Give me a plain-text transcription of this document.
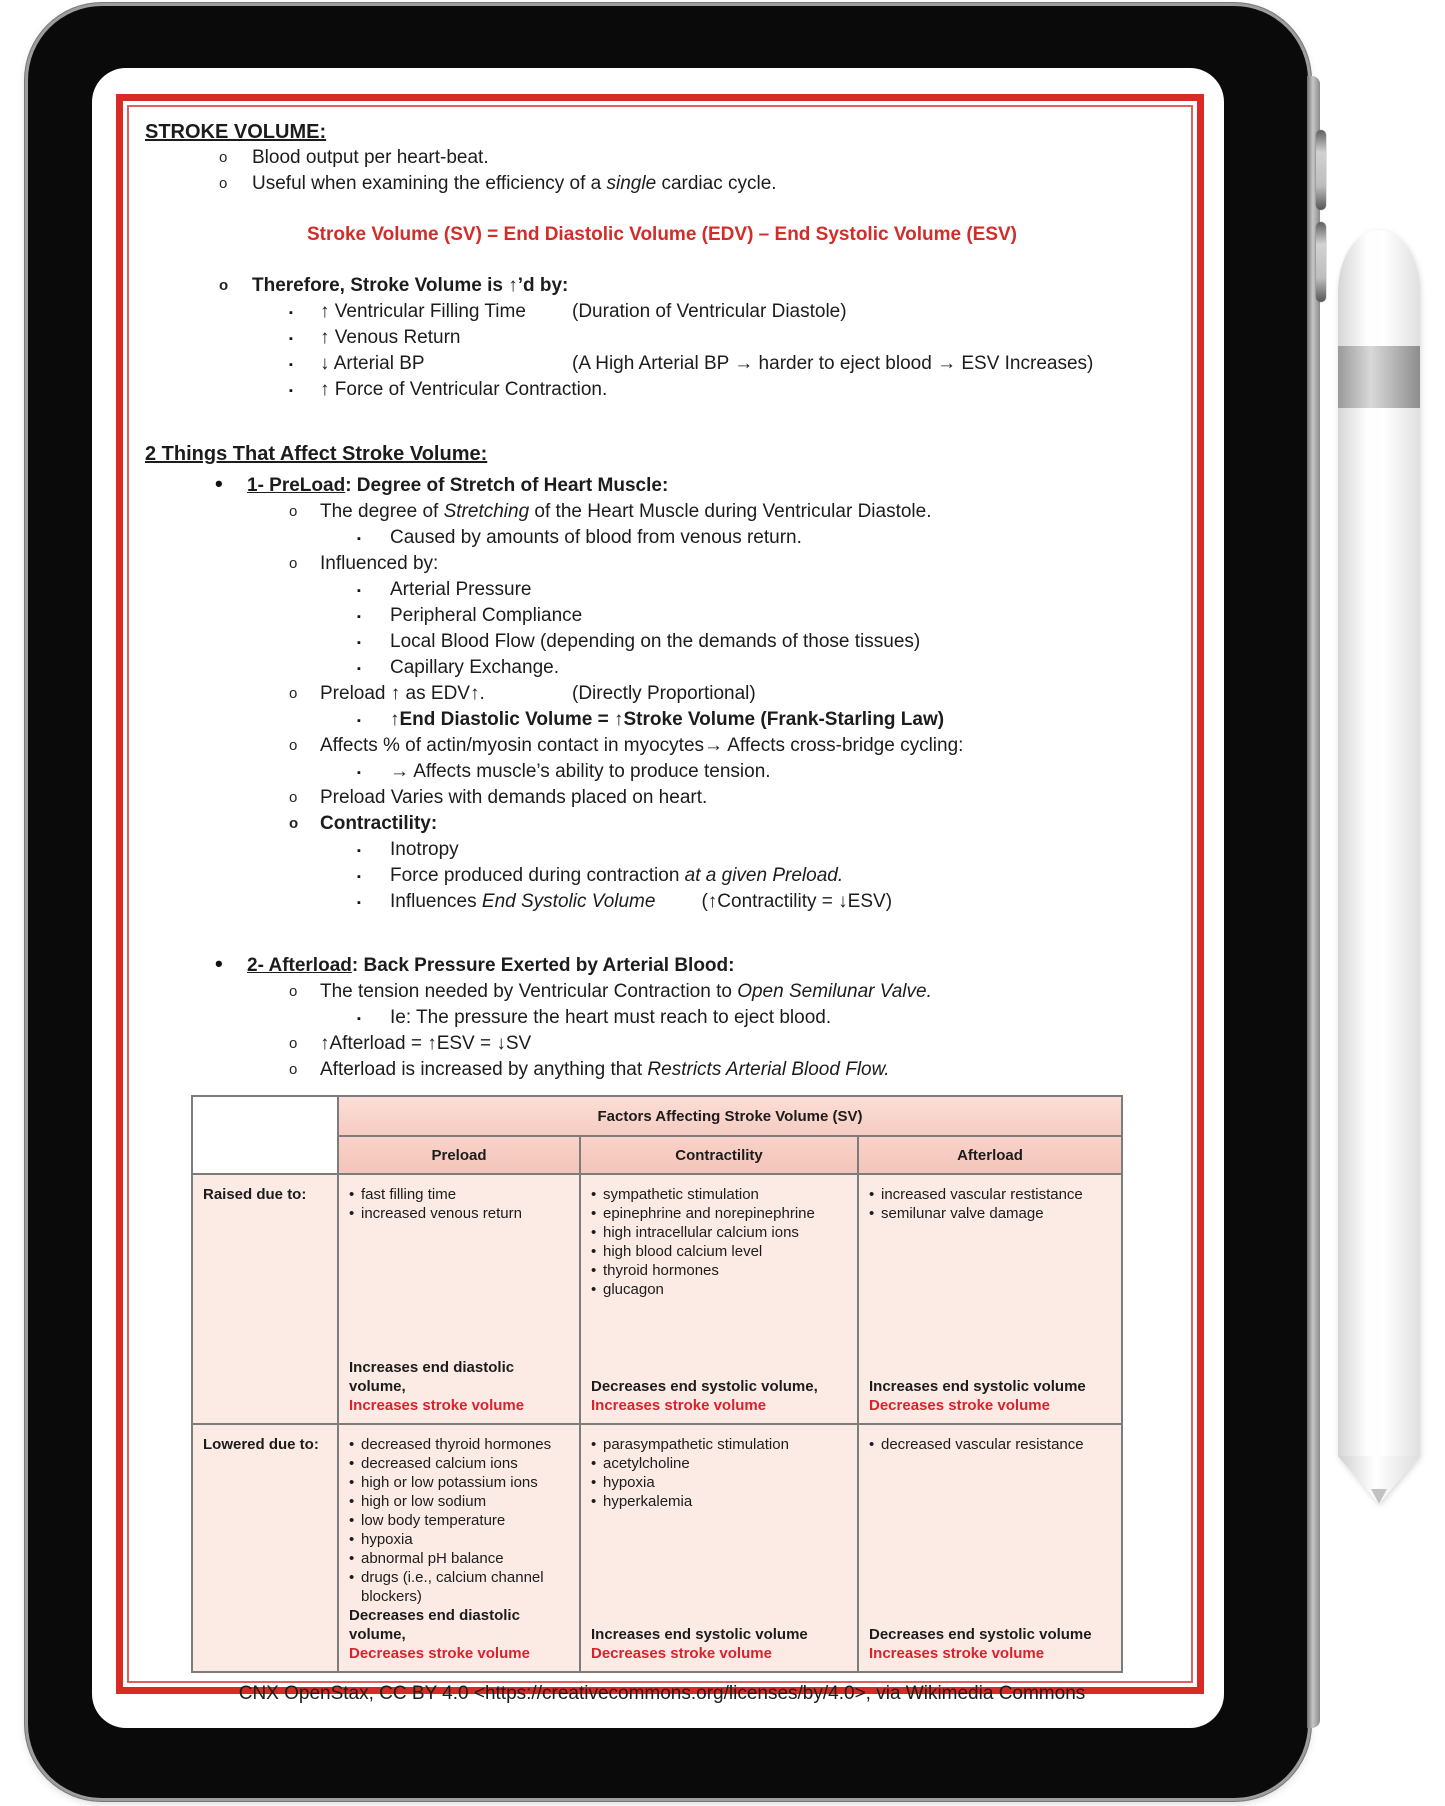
STROKE VOLUME:
o Blood output per heart-beat.
o Useful when examining the efficiency of a single cardiac cycle.
Stroke Volume (SV) = End Diastolic Volume (EDV) – End Systolic Volume (ESV)
o Therefore, Stroke Volume is ↑’d by:
▪ ↑ Ventricular Filling Time (Duration of Ventricular Diastole)
▪ ↑ Venous Return
▪ ↓ Arterial BP	(A High Arterial BP → harder to eject blood → ESV Increases)
▪ ↑ Force of Ventricular Contraction.
2 Things That Affect Stroke Volume:
• 1- PreLoad: Degree of Stretch of Heart Muscle:
o The degree of Stretching of the Heart Muscle during Ventricular Diastole.
▪ Caused by amounts of blood from venous return.
o Influenced by:
▪ Arterial Pressure
▪ Peripheral Compliance
▪ Local Blood Flow (depending on the demands of those tissues)
▪ Capillary Exchange.
o Preload ↑ as EDV↑.	(Directly Proportional)
▪ ↑End Diastolic Volume = ↑Stroke Volume (Frank-Starling Law)
o Affects % of actin/myosin contact in myocytes→ Affects cross-bridge cycling:
▪ → Affects muscle’s ability to produce tension.
o Preload Varies with demands placed on heart.
o Contractility:
▪ Inotropy
▪ Force produced during contraction at a given Preload.
▪ Influences End Systolic Volume (↑Contractility = ↓ESV)
• 2- Afterload: Back Pressure Exerted by Arterial Blood:
o The tension needed by Ventricular Contraction to Open Semilunar Valve.
▪ Ie: The pressure the heart must reach to eject blood.
o ↑Afterload = ↑ESV = ↓SV
o Afterload is increased by anything that Restricts Arterial Blood Flow.
	Factors Affecting Stroke Volume (SV)		
	Preload	Contractility	Afterload
Raised due to:	
•fast filling time
• increased venous return
Increases end diastolic volume,
Increases stroke volume

• sympathetic stimulation
• epinephrine and norepinephrine
• high intracellular calcium ions
• high blood calcium level
• thyroid hormones
• glucagon
Decreases end systolic volume,
Increases stroke volume

• increased vascular restistance
• semilunar valve damage
Increases end systolic volume
Decreases stroke volume

Lowered due to:	
•decreased thyroid hormones
• decreased calcium ions
• high or low potassium ions
• high or low sodium
• low body temperature
• hypoxia
• abnormal pH balance
• drugs (i.e., calcium channel blockers)
Decreases end diastolic volume,
Decreases stroke volume

• parasympathetic stimulation
• acetylcholine
• hypoxia
• hyperkalemia
Increases end systolic volume
Decreases stroke volume

• decreased vascular resistance
Decreases end systolic volume
Increases stroke volume
CNX OpenStax, CC BY 4.0 <https://creativecommons.org/licenses/by/4.0>, via Wikimedia Commons
